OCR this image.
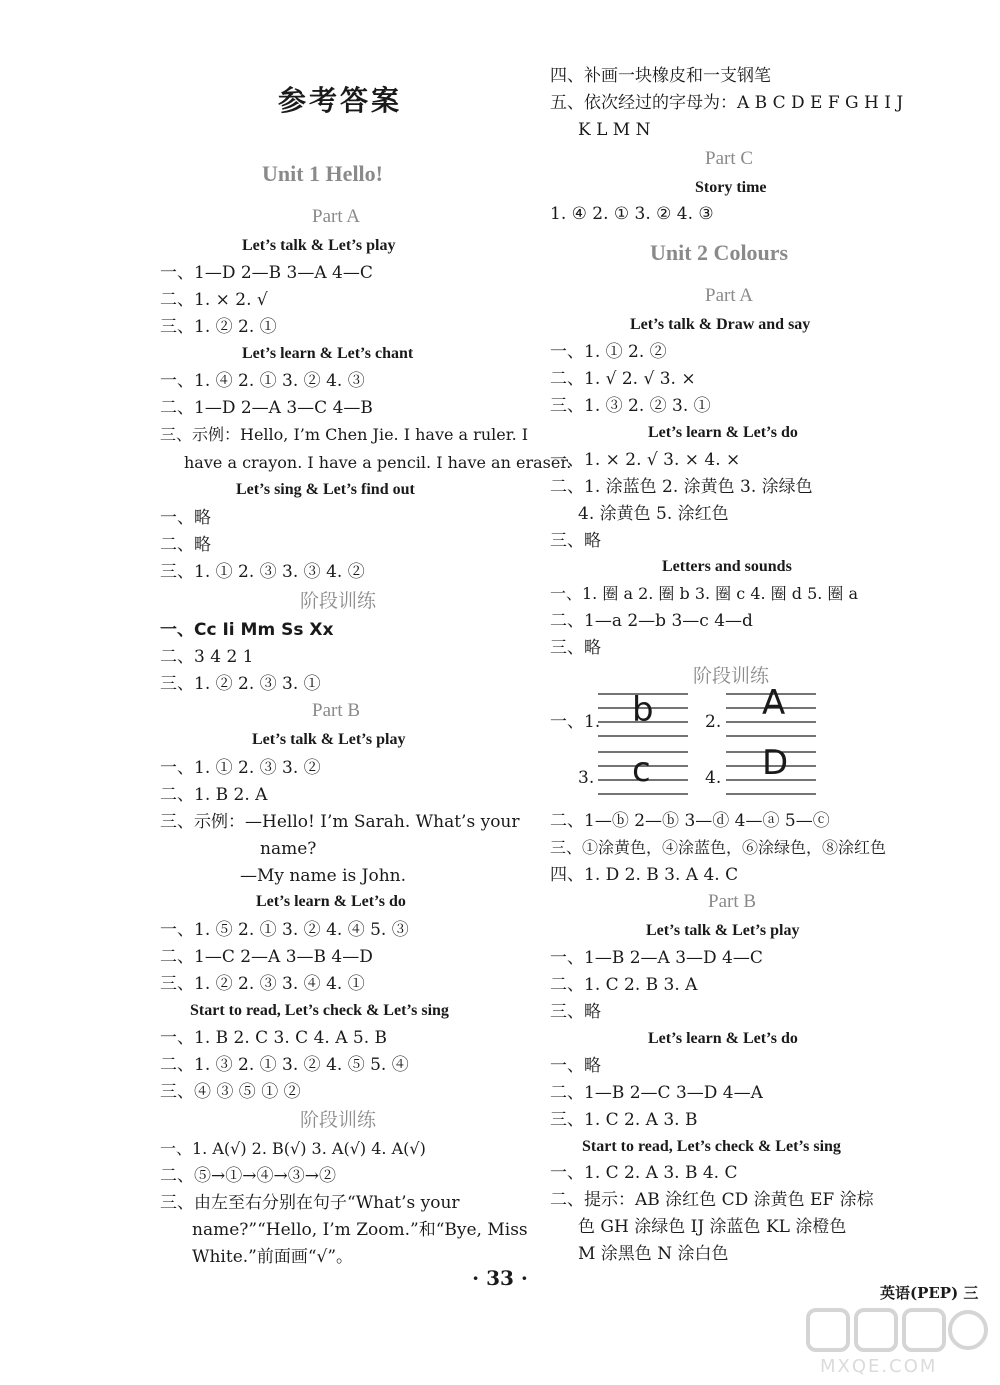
参考答案
Unit 1 Hello!
Part A
Let’s talk & Let’s play
一、1—D 2—B 3—A 4—C
二、1. × 2. √
三、1. ② 2. ①
Let’s learn & Let’s chant
一、1. ④ 2. ① 3. ② 4. ③
二、1—D 2—A 3—C 4—B
三、示例：Hello, I’m Chen Jie. I have a ruler. I
have a crayon. I have a pencil. I have an eraser.
Let’s sing & Let’s find out
一、略
二、略
三、1. ① 2. ③ 3. ③ 4. ②
阶段训练
一、Cc Ii Mm Ss Xx
二、3 4 2 1
三、1. ② 2. ③ 3. ①
Part B
Let’s talk & Let’s play
一、1. ① 2. ③ 3. ②
二、1. B 2. A
三、示例：—Hello! I’m Sarah. What’s your
name?
—My name is John.
Let’s learn & Let’s do
一、1. ⑤ 2. ① 3. ② 4. ④ 5. ③
二、1—C 2—A 3—B 4—D
三、1. ② 2. ③ 3. ④ 4. ①
Start to read, Let’s check & Let’s sing
一、1. B 2. C 3. C 4. A 5. B
二、1. ③ 2. ① 3. ② 4. ⑤ 5. ④
三、④ ③ ⑤ ① ②
阶段训练
一、1. A(√) 2. B(√) 3. A(√) 4. A(√)
二、⑤→①→④→③→②
三、由左至右分别在句子“What’s your
name?”“Hello, I’m Zoom.”和“Bye, Miss
White.”前面画“√”。
四、补画一块橡皮和一支钢笔
五、依次经过的字母为：A B C D E F G H I J
K L M N
Part C
Story time
1. ④ 2. ① 3. ② 4. ③
Unit 2 Colours
Part A
Let’s talk & Draw and say
一、1. ① 2. ②
二、1. √ 2. √ 3. ×
三、1. ③ 2. ② 3. ①
Let’s learn & Let’s do
一、1. × 2. √ 3. × 4. ×
二、1. 涂蓝色 2. 涂黄色 3. 涂绿色
4. 涂黄色 5. 涂红色
三、略
Letters and sounds
一、1. 圈 a 2. 圈 b 3. 圈 c 4. 圈 d 5. 圈 a
二、1—a 2—b 3—c 4—d
三、略
阶段训练
一、1.	2.
3.	4.
b	A
c	D
二、1—ⓑ 2—ⓑ 3—ⓓ 4—ⓐ 5—ⓒ
三、①涂黄色，④涂蓝色，⑥涂绿色，⑧涂红色
四、1. D 2. B 3. A 4. C
Part B
Let’s talk & Let’s play
一、1—B 2—A 3—D 4—C
二、1. C 2. B 3. A
三、略
Let’s learn & Let’s do
一、略
二、1—B 2—C 3—D 4—A
三、1. C 2. A 3. B
Start to read, Let’s check & Let’s sing
一、1. C 2. A 3. B 4. C
二、提示：AB 涂红色 CD 涂黄色 EF 涂棕
色 GH 涂绿色 IJ 涂蓝色 KL 涂橙色
M 涂黑色 N 涂白色
· 33 ·
英语(PEP) 三
MXQE.COM
